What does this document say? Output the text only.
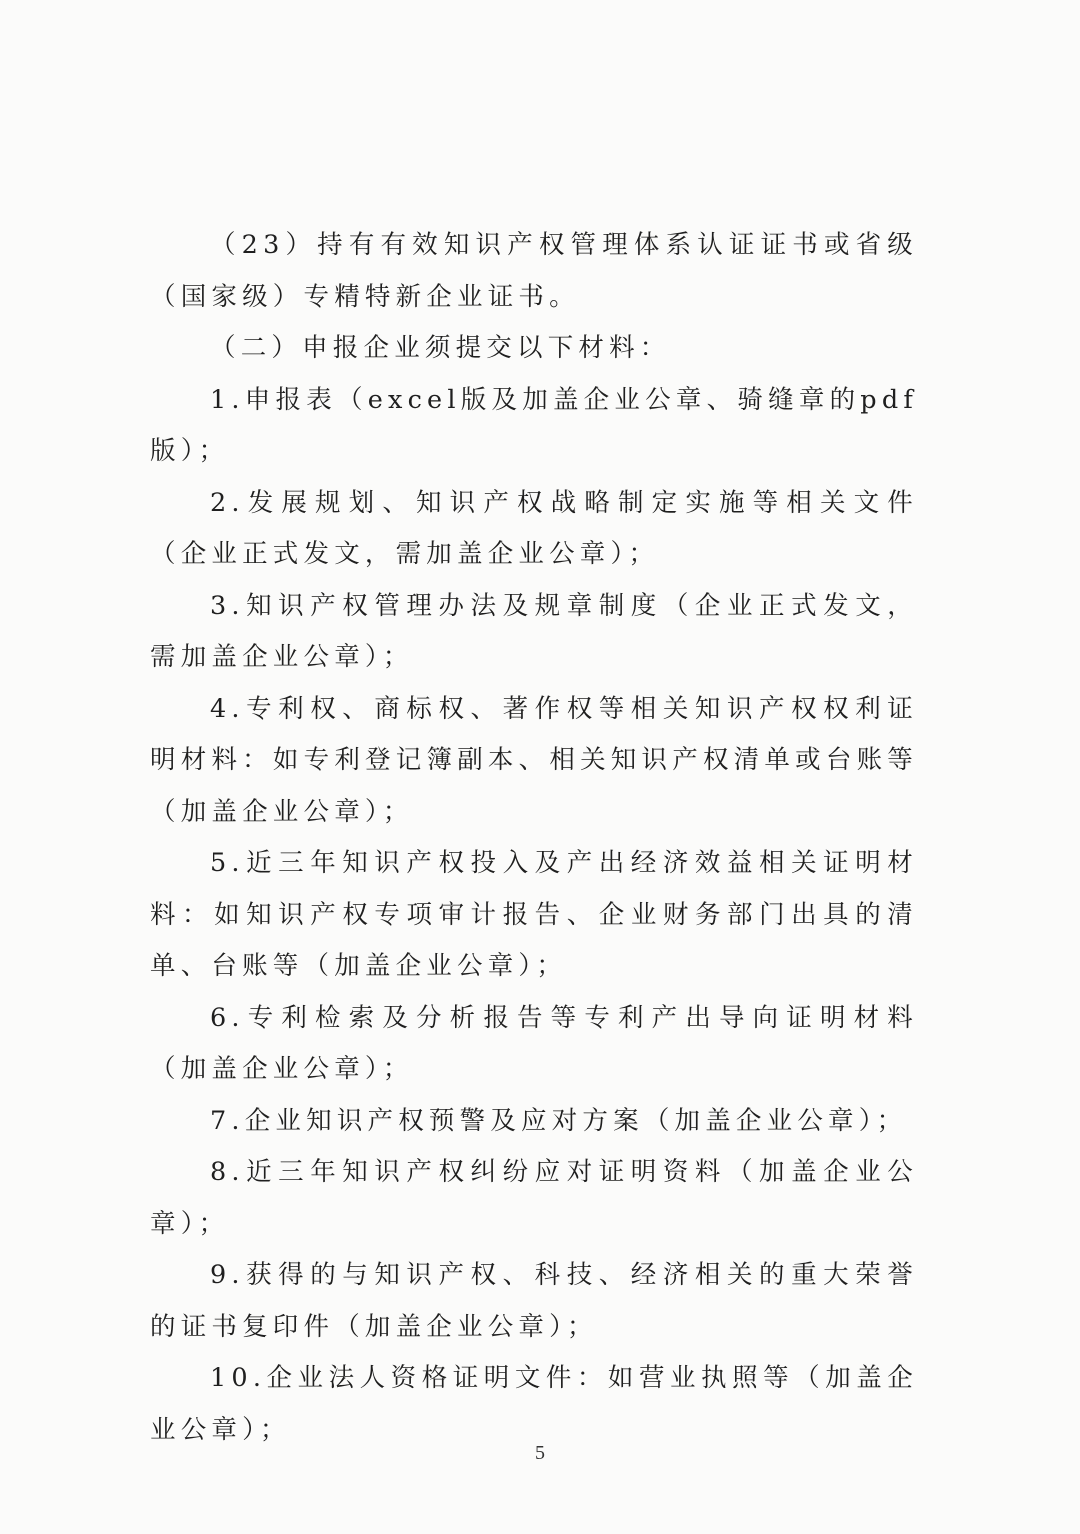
（23）持有有效知识产权管理体系认证证书或省级（国家级）专精特新企业证书。

（二）申报企业须提交以下材料：

1.申报表（excel版及加盖企业公章、骑缝章的pdf版）；

2.发展规划、知识产权战略制定实施等相关文件（企业正式发文，需加盖企业公章）；

3.知识产权管理办法及规章制度（企业正式发文，需加盖企业公章）；

4.专利权、商标权、著作权等相关知识产权权利证明材料：如专利登记簿副本、相关知识产权清单或台账等（加盖企业公章）；

5.近三年知识产权投入及产出经济效益相关证明材料：如知识产权专项审计报告、企业财务部门出具的清单、台账等（加盖企业公章）；

6.专利检索及分析报告等专利产出导向证明材料（加盖企业公章）；

7.企业知识产权预警及应对方案（加盖企业公章）；

8.近三年知识产权纠纷应对证明资料（加盖企业公章）；

9.获得的与知识产权、科技、经济相关的重大荣誉的证书复印件（加盖企业公章）；

10.企业法人资格证明文件：如营业执照等（加盖企业公章）；

5
